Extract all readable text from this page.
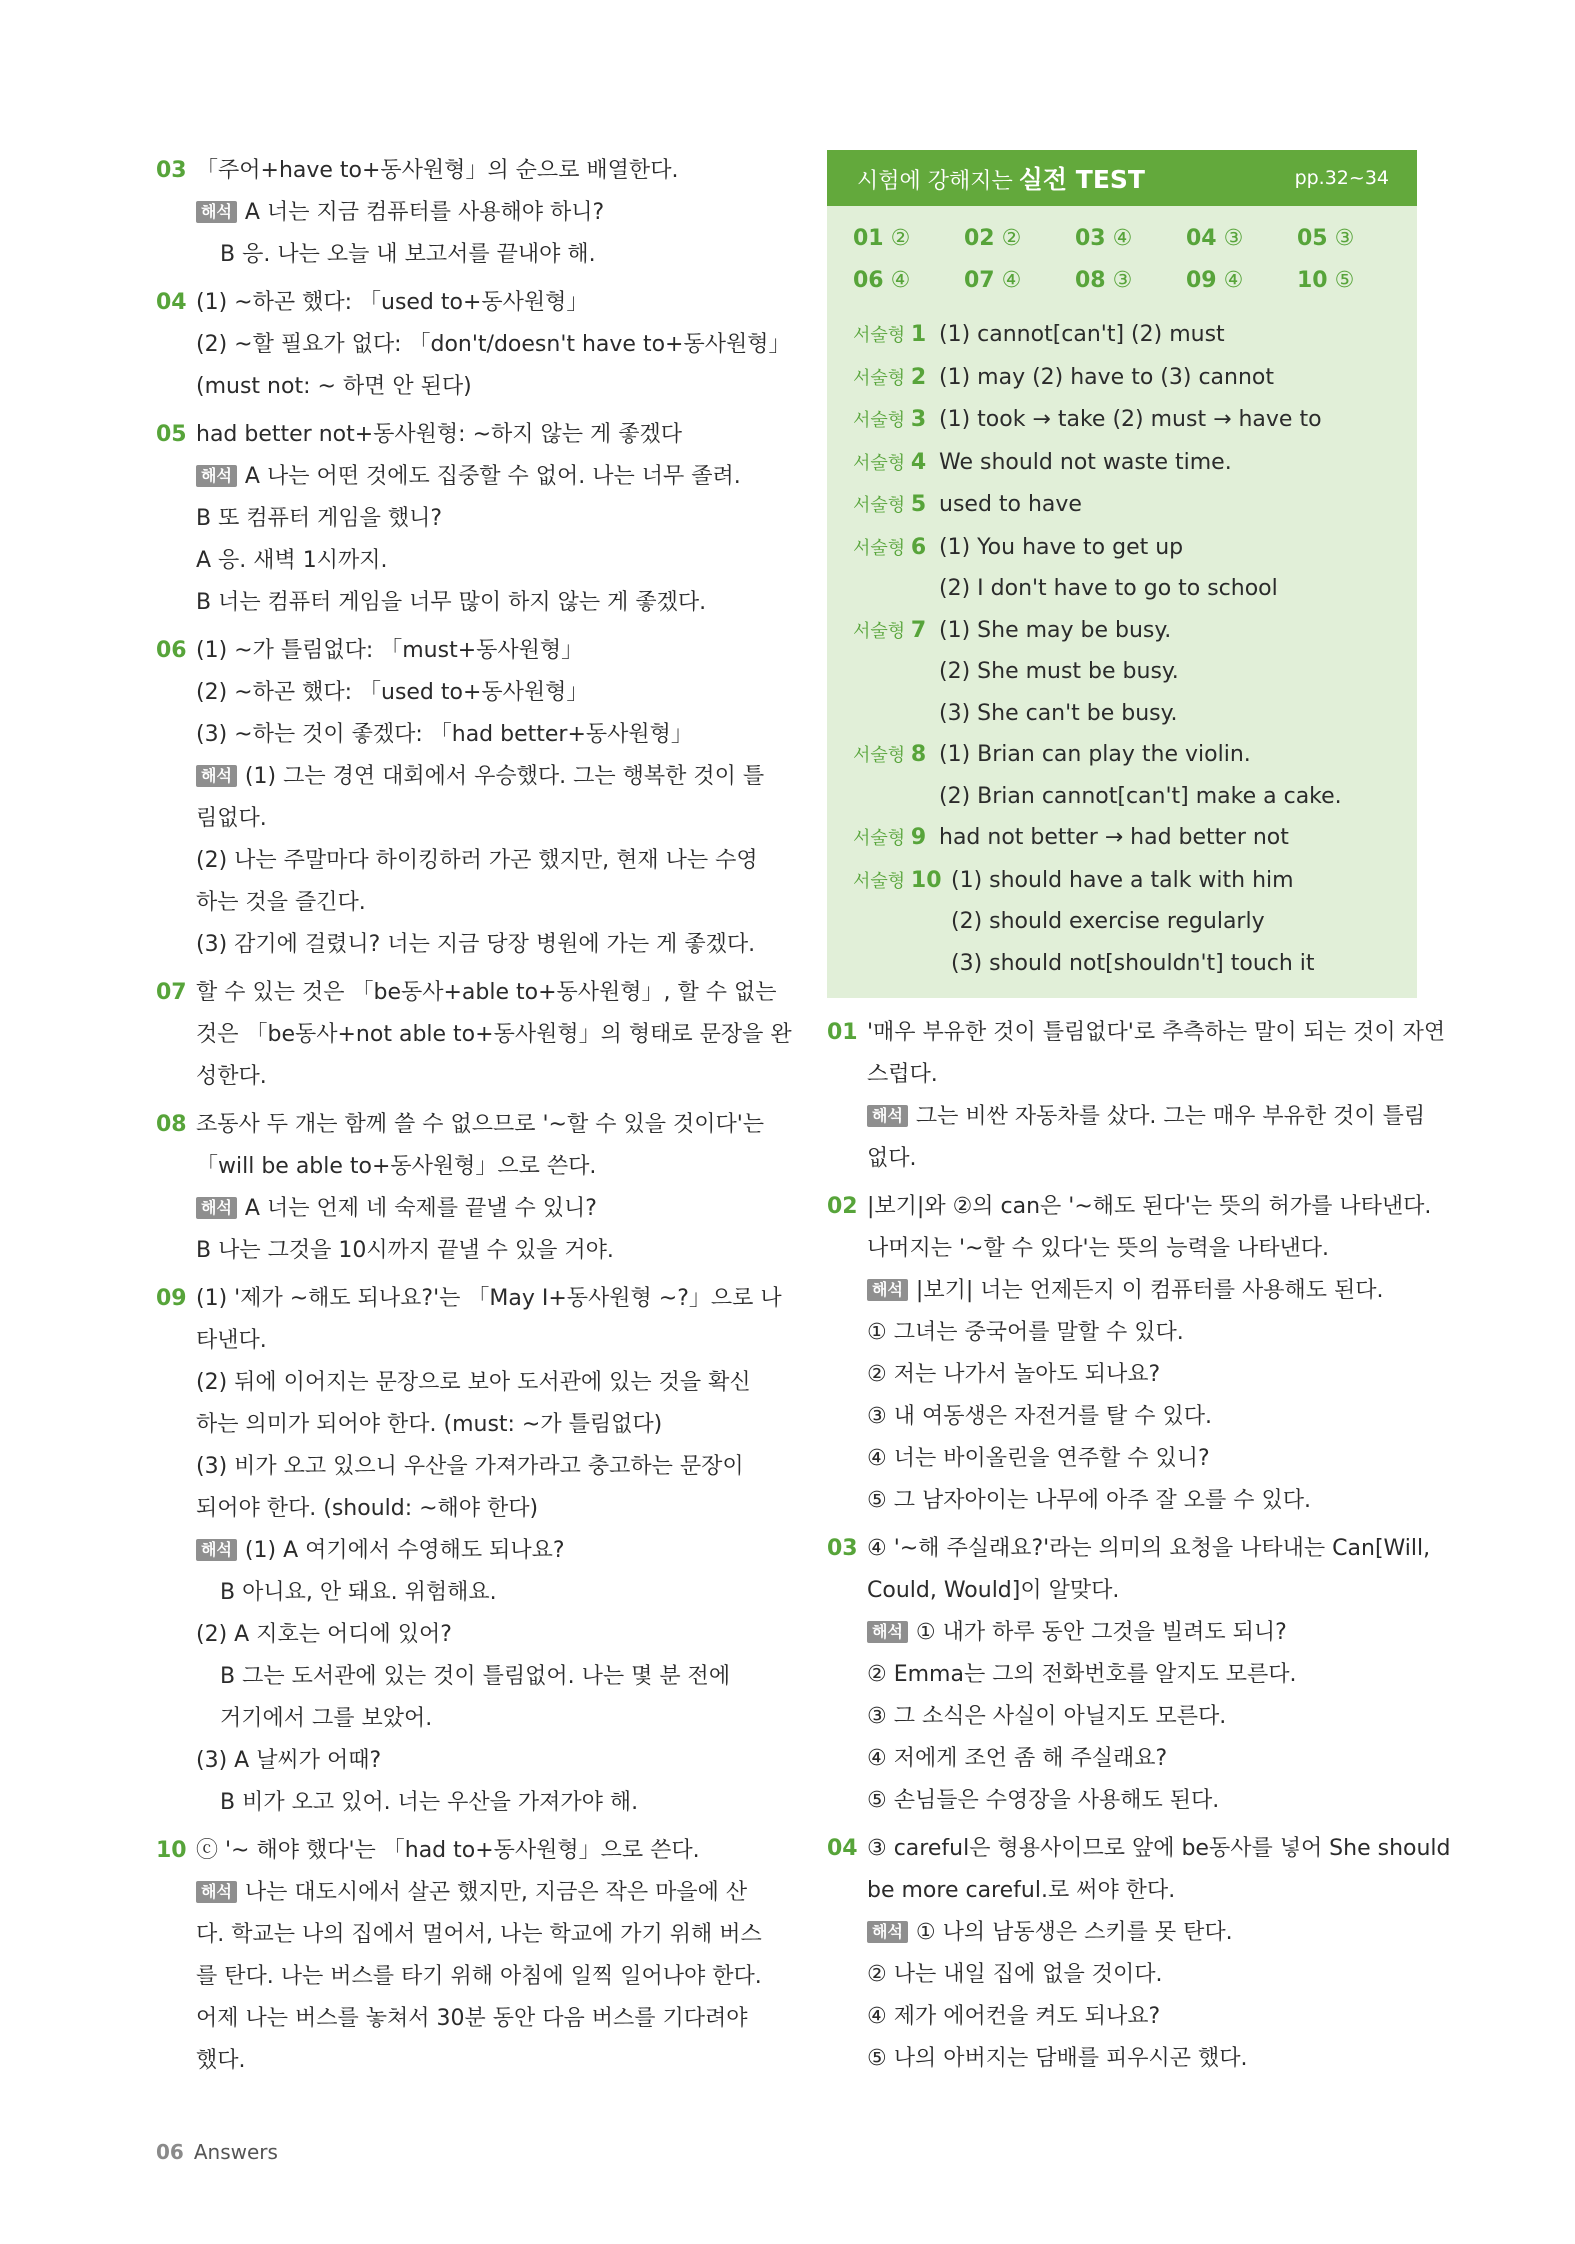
03 「주어+have to+동사원형」의 순으로 배열한다.
해석 A 너는 지금 컴퓨터를 사용해야 하니?
B 응. 나는 오늘 내 보고서를 끝내야 해.
04 (1) ~하곤 했다: 「used to+동사원형」
(2) ~할 필요가 없다: 「don't/doesn't have to+동사원형」
(must not: ~ 하면 안 된다)
05 had better not+동사원형: ~하지 않는 게 좋겠다
해석 A 나는 어떤 것에도 집중할 수 없어. 나는 너무 졸려.
B 또 컴퓨터 게임을 했니?
A 응. 새벽 1시까지.
B 너는 컴퓨터 게임을 너무 많이 하지 않는 게 좋겠다.
06 (1) ~가 틀림없다: 「must+동사원형」
(2) ~하곤 했다: 「used to+동사원형」
(3) ~하는 것이 좋겠다: 「had better+동사원형」
해석 (1) 그는 경연 대회에서 우승했다. 그는 행복한 것이 틀
림없다.
(2) 나는 주말마다 하이킹하러 가곤 했지만, 현재 나는 수영
하는 것을 즐긴다.
(3) 감기에 걸렸니? 너는 지금 당장 병원에 가는 게 좋겠다.
07 할 수 있는 것은 「be동사+able to+동사원형」, 할 수 없는
것은 「be동사+not able to+동사원형」의 형태로 문장을 완
성한다.
08 조동사 두 개는 함께 쓸 수 없으므로 '~할 수 있을 것이다'는
「will be able to+동사원형」으로 쓴다.
해석 A 너는 언제 네 숙제를 끝낼 수 있니?
B 나는 그것을 10시까지 끝낼 수 있을 거야.
09 (1) '제가 ~해도 되나요?'는 「May I+동사원형 ~?」으로 나
타낸다.
(2) 뒤에 이어지는 문장으로 보아 도서관에 있는 것을 확신
하는 의미가 되어야 한다. (must: ~가 틀림없다)
(3) 비가 오고 있으니 우산을 가져가라고 충고하는 문장이
되어야 한다. (should: ~해야 한다)
해석 (1) A 여기에서 수영해도 되나요?
B 아니요, 안 돼요. 위험해요.
(2) A 지호는 어디에 있어?
B 그는 도서관에 있는 것이 틀림없어. 나는 몇 분 전에
거기에서 그를 보았어.
(3) A 날씨가 어때?
B 비가 오고 있어. 너는 우산을 가져가야 해.
10 ⓒ '~ 해야 했다'는 「had to+동사원형」으로 쓴다.
해석 나는 대도시에서 살곤 했지만, 지금은 작은 마을에 산
다. 학교는 나의 집에서 멀어서, 나는 학교에 가기 위해 버스
를 탄다. 나는 버스를 타기 위해 아침에 일찍 일어나야 한다.
어제 나는 버스를 놓쳐서 30분 동안 다음 버스를 기다려야
했다.
시험에 강해지는 실전 TEST	pp.32~34
01 ②	02 ②	03 ④	04 ③	05 ③
06 ④	07 ④	08 ③	09 ④	10 ⑤
서술형 1 (1) cannot[can't] (2) must
서술형 2 (1) may (2) have to (3) cannot
서술형 3 (1) took → take (2) must → have to
서술형 4 We should not waste time.
서술형 5 used to have
서술형 6 (1) You have to get up
(2) I don't have to go to school
서술형 7 (1) She may be busy.
(2) She must be busy.
(3) She can't be busy.
서술형 8 (1) Brian can play the violin.
(2) Brian cannot[can't] make a cake.
서술형 9 had not better → had better not
서술형 10 (1) should have a talk with him
(2) should exercise regularly
(3) should not[shouldn't] touch it
01 '매우 부유한 것이 틀림없다'로 추측하는 말이 되는 것이 자연
스럽다.
해석 그는 비싼 자동차를 샀다. 그는 매우 부유한 것이 틀림
없다.
02 |보기|와 ②의 can은 '~해도 된다'는 뜻의 허가를 나타낸다.
나머지는 '~할 수 있다'는 뜻의 능력을 나타낸다.
해석 |보기| 너는 언제든지 이 컴퓨터를 사용해도 된다.
① 그녀는 중국어를 말할 수 있다.
② 저는 나가서 놀아도 되나요?
③ 내 여동생은 자전거를 탈 수 있다.
④ 너는 바이올린을 연주할 수 있니?
⑤ 그 남자아이는 나무에 아주 잘 오를 수 있다.
03 ④ '~해 주실래요?'라는 의미의 요청을 나타내는 Can[Will,
Could, Would]이 알맞다.
해석 ① 내가 하루 동안 그것을 빌려도 되니?
② Emma는 그의 전화번호를 알지도 모른다.
③ 그 소식은 사실이 아닐지도 모른다.
④ 저에게 조언 좀 해 주실래요?
⑤ 손님들은 수영장을 사용해도 된다.
04 ③ careful은 형용사이므로 앞에 be동사를 넣어 She should
be more careful.로 써야 한다.
해석 ① 나의 남동생은 스키를 못 탄다.
② 나는 내일 집에 없을 것이다.
④ 제가 에어컨을 켜도 되나요?
⑤ 나의 아버지는 담배를 피우시곤 했다.
06 Answers
